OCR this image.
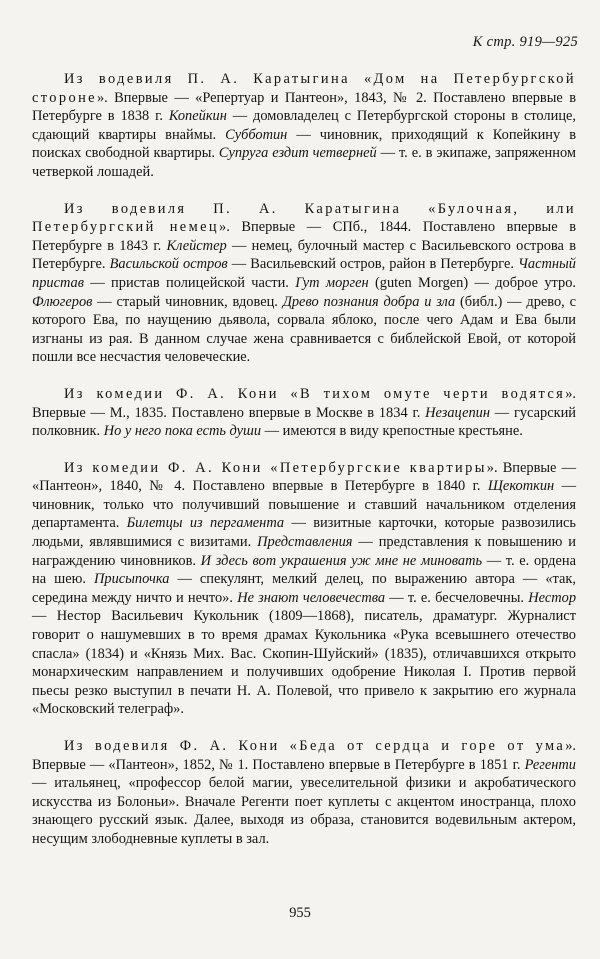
К стр. 919—925

Из водевиля П. А. Каратыгина «Дом на Петербургской стороне». Впервые — «Репертуар и Пантеон», 1843, № 2. Поставлено впервые в Петербурге в 1838 г. Копейкин — домовладелец с Петербургской стороны в столице, сдающий квартиры внаймы. Субботин — чиновник, приходящий к Копейкину в поисках свободной квартиры. Супруга ездит четверней — т. е. в экипаже, запряженном четверкой лошадей.

Из водевиля П. А. Каратыгина «Булочная, или Петербургский немец». Впервые — СПб., 1844. Поставлено впервые в Петербурге в 1843 г. Клейстер — немец, булочный мастер с Васильевского острова в Петербурге. Васильской остров — Васильевский остров, район в Петербурге. Частный пристав — пристав полицейской части. Гут морген (guten Morgen) — доброе утро. Флюгеров — старый чиновник, вдовец. Древо познания добра и зла (библ.) — древо, с которого Ева, по наущению дьявола, сорвала яблоко, после чего Адам и Ева были изгнаны из рая. В данном случае жена сравнивается с библейской Евой, от которой пошли все несчастия человеческие.

Из комедии Ф. А. Кони «В тихом омуте черти водятся». Впервые — М., 1835. Поставлено впервые в Москве в 1834 г. Незацепин — гусарский полковник. Но у него пока есть души — имеются в виду крепостные крестьяне.

Из комедии Ф. А. Кони «Петербургские квартиры». Впервые — «Пантеон», 1840, № 4. Поставлено впервые в Петербурге в 1840 г. Щекоткин — чиновник, только что получивший повышение и ставший начальником отделения департамента. Билетцы из пергамента — визитные карточки, которые развозились людьми, являвшимися с визитами. Представления — представления к повышению и награждению чиновников. И здесь вот украшения уж мне не миновать — т. е. ордена на шею. Присыпочка — спекулянт, мелкий делец, по выражению автора — «так, середина между ничто и нечто». Не знают человечества — т. е. бесчеловечны. Нестор — Нестор Васильевич Кукольник (1809—1868), писатель, драматург. Журналист говорит о нашумевших в то время драмах Кукольника «Рука всевышнего отечество спасла» (1834) и «Князь Мих. Вас. Скопин-Шуйский» (1835), отличавшихся открыто монархическим направлением и получивших одобрение Николая I. Против первой пьесы резко выступил в печати Н. А. Полевой, что привело к закрытию его журнала «Московский телеграф».

Из водевиля Ф. А. Кони «Беда от сердца и горе от ума». Впервые — «Пантеон», 1852, № 1. Поставлено впервые в Петербурге в 1851 г. Регенти — итальянец, «профессор белой магии, увеселительной физики и акробатического искусства из Болоньи». Вначале Регенти поет куплеты с акцентом иностранца, плохо знающего русский язык. Далее, выходя из образа, становится водевильным актером, несущим злободневные куплеты в зал.

955
